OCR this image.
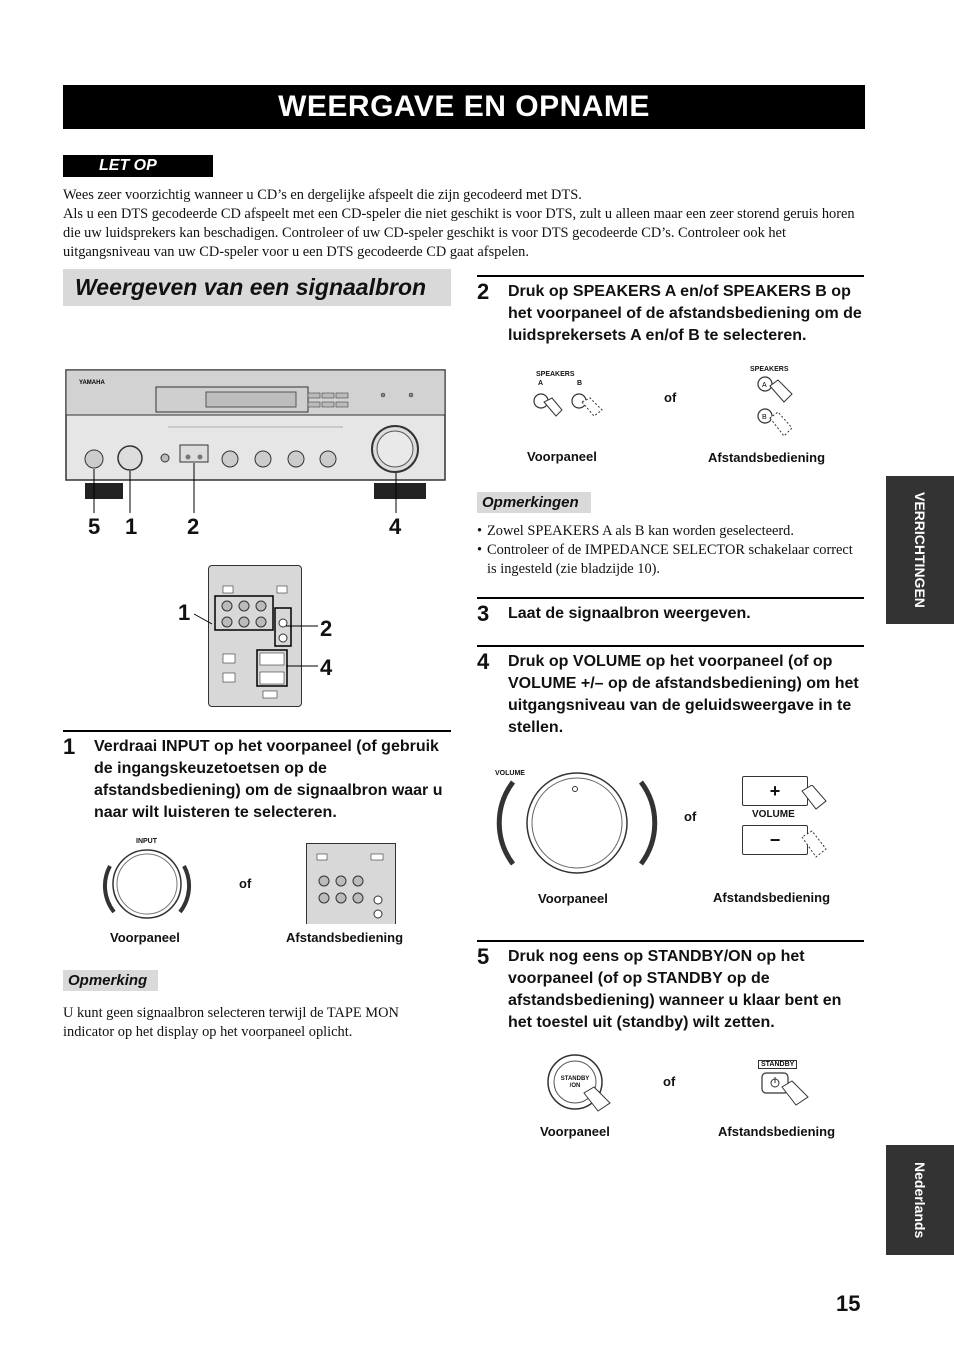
WEERGAVE EN OPNAME
LET OP
Wees zeer voorzichtig wanneer u CD’s en dergelijke afspeelt die zijn gecodeerd met DTS.
Als u een DTS gecodeerde CD afspeelt met een CD-speler die niet geschikt is voor DTS, zult u alleen maar een zeer storend geruis horen die uw luidsprekers kan beschadigen. Controleer of uw CD-speler geschikt is voor DTS gecodeerde CD’s. Controleer ook het uitgangsniveau van uw CD-speler voor u een DTS gecodeerde CD gaat afspelen.
Weergeven van een signaalbron
YAMAHA
5 1 2	4
1
2
4
1 Verdraai INPUT op het voorpaneel (of gebruik de ingangskeuzetoetsen op de afstandsbediening) om de signaalbron waar u naar wilt luisteren te selecteren.
INPUT
of
Voorpaneel	Afstandsbediening
Opmerking
U kunt geen signaalbron selecteren terwijl de TAPE MON indicator op het display op het voorpaneel oplicht.
2 Druk op SPEAKERS A en/of SPEAKERS B op het voorpaneel of de afstandsbediening om de luidsprekersets A en/of B te selecteren.
SPEAKERS
A	B
of
SPEAKERS
A
B
Voorpaneel	Afstandsbediening
Opmerkingen
• Zowel SPEAKERS A als B kan worden geselecteerd.
• Controleer of de IMPEDANCE SELECTOR schakelaar correct is ingesteld (zie bladzijde 10).
3 Laat de signaalbron weergeven.
4 Druk op VOLUME op het voorpaneel (of op VOLUME +/– op de afstandsbediening) om het uitgangsniveau van de geluidsweergave in te stellen.
VOLUME
of
+
VOLUME
−
Voorpaneel	Afstandsbediening
5 Druk nog eens op STANDBY/ON op het voorpaneel (of op STANDBY op de afstandsbediening) wanneer u klaar bent en het toestel uit (standby) wilt zetten.
STANDBY
/ON	of
STANDBY
Voorpaneel	Afstandsbediening
VERRICHTINGEN
Nederlands
15
